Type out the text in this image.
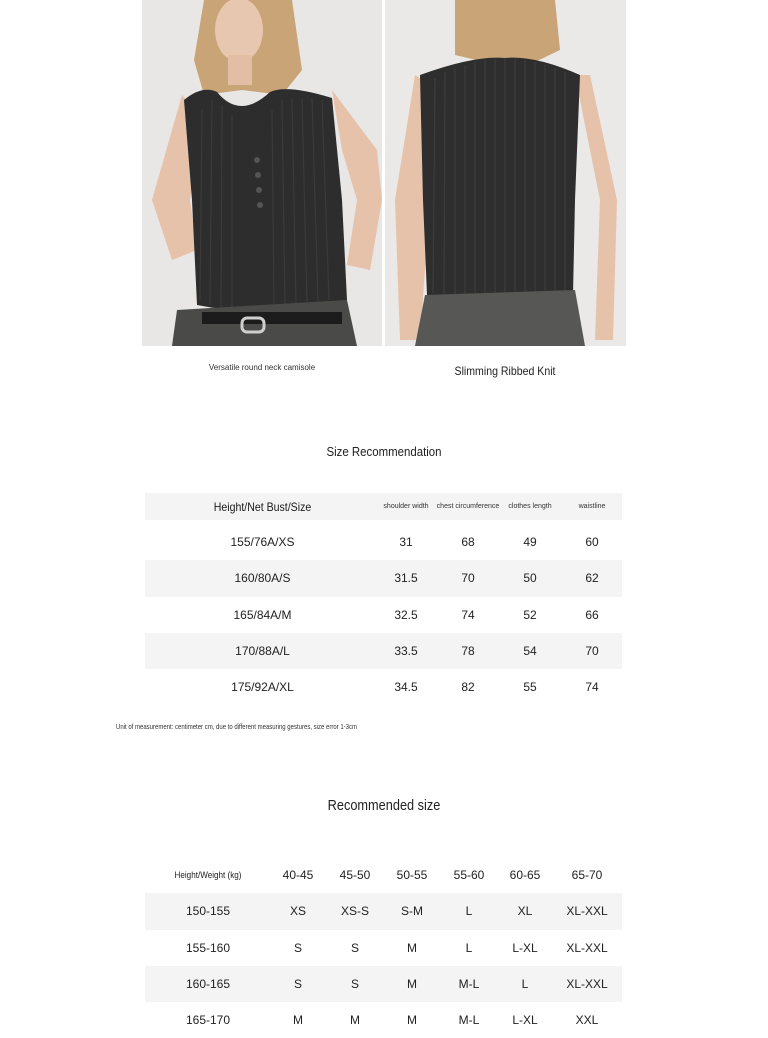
Versatile round neck camisole	Slimming Ribbed Knit
Size Recommendation
Height/Net Bust/Size	shoulder width	chest circumference	clothes length	waistline
155/76A/XS	31	68	49	60
160/80A/S	31.5	70	50	62
165/84A/M	32.5	74	52	66
170/88A/L	33.5	78	54	70
175/92A/XL	34.5	82	55	74
Unit of measurement: centimeter cm, due to different measuring gestures, size error 1-3cm
Recommended size
Height/Weight (kg)	40-45	45-50	50-55	55-60	60-65	65-70
150-155	XS	XS-S	S-M	L	XL	XL-XXL
155-160	S	S	M	L	L-XL	XL-XXL
160-165	S	S	M	M-L	L	XL-XXL
165-170	M	M	M	M-L	L-XL	XXL
